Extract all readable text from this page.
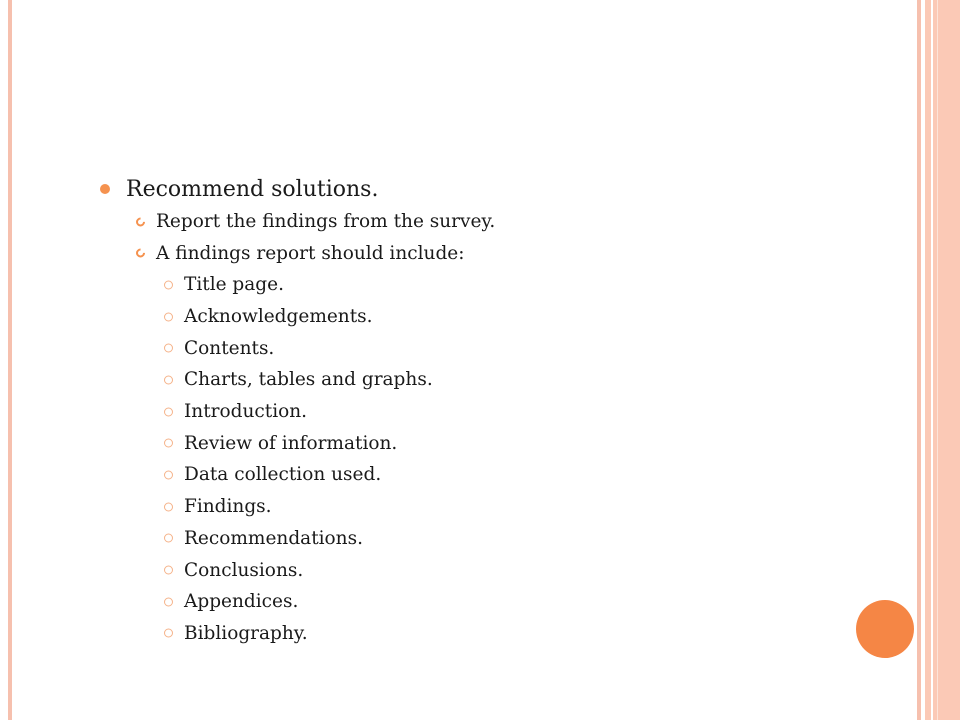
Recommend solutions.
Report the findings from the survey.
A findings report should include:
Title page.
Acknowledgements.
Contents.
Charts, tables and graphs.
Introduction.
Review of information.
Data collection used.
Findings.
Recommendations.
Conclusions.
Appendices.
Bibliography.
